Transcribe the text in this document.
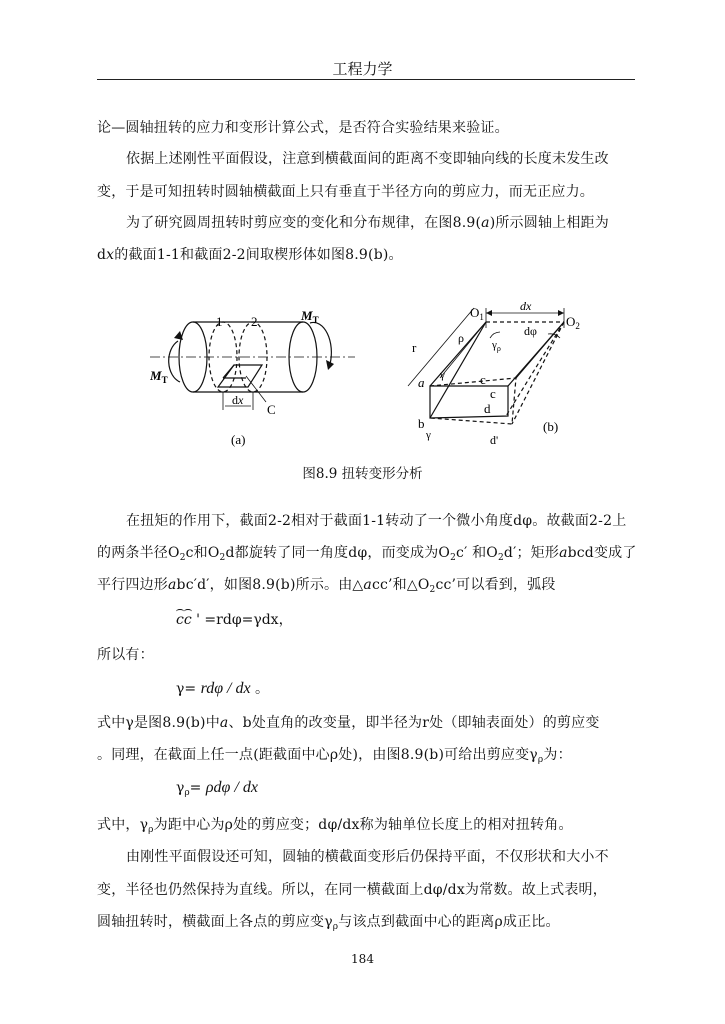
工程力学
论—圆轴扭转的应力和变形计算公式，是否符合实验结果来验证。
依据上述刚性平面假设，注意到横截面间的距离不变即轴向线的长度未发生改
变，于是可知扭转时圆轴横截面上只有垂直于半径方向的剪应力，而无正应力。
为了研究圆周扭转时剪应变的变化和分布规律，在图8.9(a)所示圆轴上相距为
dx的截面1-1和截面2-2间取楔形体如图8.9(b)。
1 2	$M_T$
$M_T$
dx
C
(a)
$O_1$	$O_2$
dx
dφ
ρ	$\gamma_\rho$
r
a γ	c
c
b
d
γ	d'
(b)
图8.9 扭转变形分析
在扭矩的作用下，截面2-2相对于截面1-1转动了一个微小角度dφ。故截面2-2上
的两条半径$O_2c$和$O_2d$都旋转了同一角度dφ，而变成为$O_2c'$ 和$O_2d'$；矩形abcd变成了
平行四边形abc′d′，如图8.9(b)所示。由△acc’和$\triangle O_2cc$’可以看到，弧段
cc ' =rdφ=γdx，
所以有：
γ= rdφ / dx 。
式中γ是图8.9(b)中a、b处直角的改变量，即半径为r处（即轴表面处）的剪应变
。同理，在截面上任一点(距截面中心ρ处)，由图8.9(b)可给出剪应变$\gamma_\rho$为：
$\gamma_\rho= \rho d\varphi$ / dx
式中，$\gamma_\rho$为距中心为ρ处的剪应变；dφ/dx称为轴单位长度上的相对扭转角。
由刚性平面假设还可知，圆轴的横截面变形后仍保持平面，不仅形状和大小不
变，半径也仍然保持为直线。所以，在同一横截面上dφ/dx为常数。故上式表明，
圆轴扭转时，横截面上各点的剪应变$\gamma_\rho$与该点到截面中心的距离ρ成正比。
184
